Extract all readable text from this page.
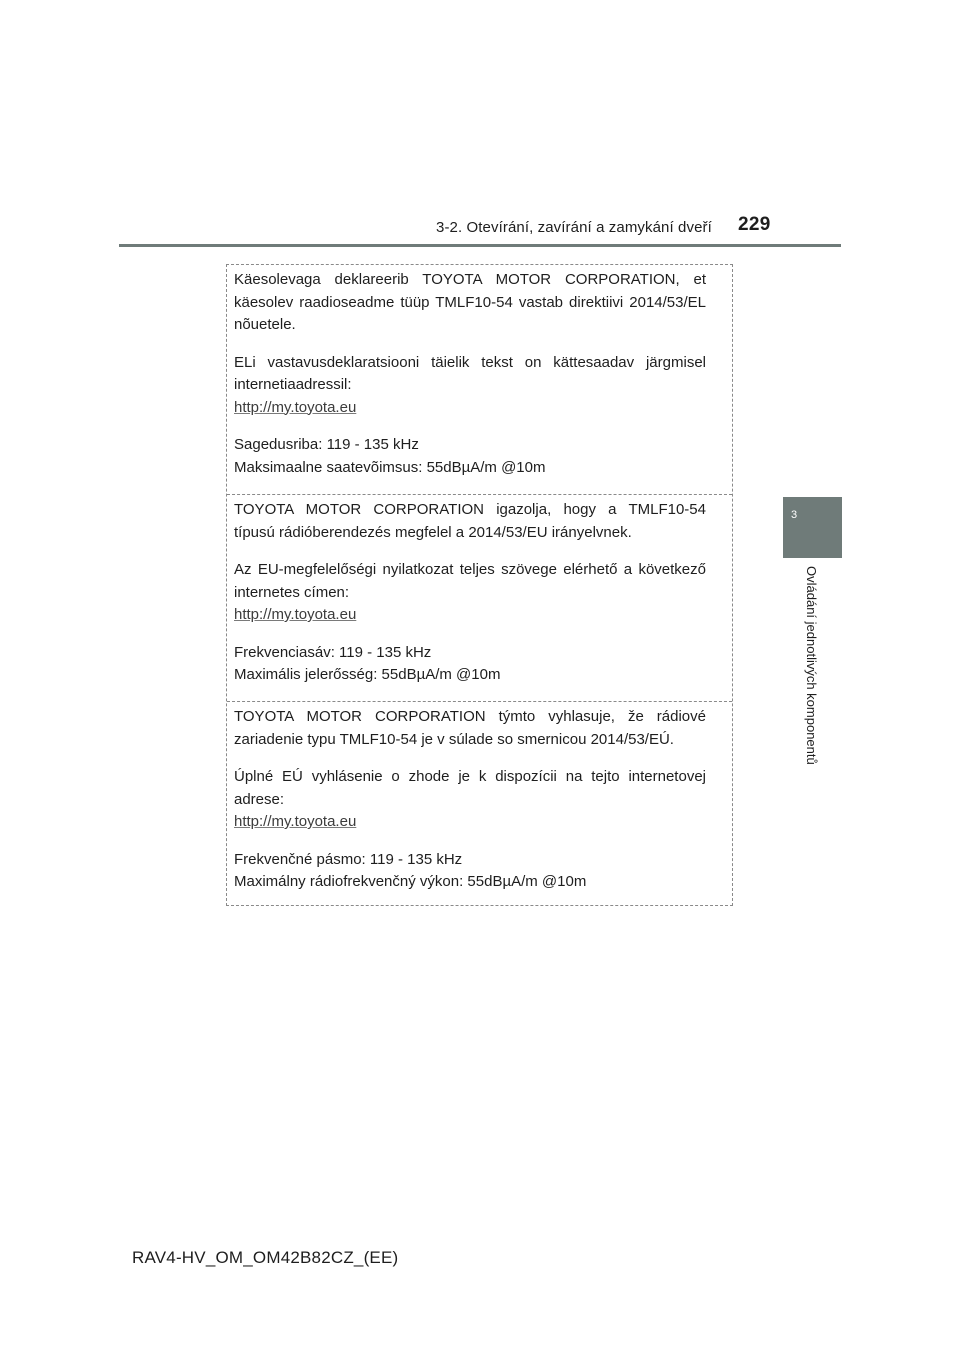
3-2. Otevírání, zavírání a zamykání dveří 229
3
Ovládání jednotlivých komponentů

Käesolevaga deklareerib TOYOTA MOTOR CORPORATION, et
käesolev raadioseadme tüüp TMLF10-54 vastab direktiivi 2014/53/EL
nõuetele.

ELi vastavusdeklaratsiooni täielik tekst on kättesaadav järgmisel
internetiaadressil:
http://my.toyota.eu

Sagedusriba: 119 - 135 kHz
Maksimaalne saatevõimsus: 55dBµA/m @10m

TOYOTA MOTOR CORPORATION igazolja, hogy a TMLF10-54
típusú rádióberendezés megfelel a 2014/53/EU irányelvnek.

Az EU-megfelelőségi nyilatkozat teljes szövege elérhető a következő
internetes címen:
http://my.toyota.eu

Frekvenciasáv: 119 - 135 kHz
Maximális jelerősség: 55dBµA/m @10m

TOYOTA MOTOR CORPORATION týmto vyhlasuje, že rádiové
zariadenie typu TMLF10-54 je v súlade so smernicou 2014/53/EÚ.

Úplné EÚ vyhlásenie o zhode je k dispozícii na tejto internetovej
adrese:
http://my.toyota.eu

Frekvenčné pásmo: 119 - 135 kHz
Maximálny rádiofrekvenčný výkon: 55dBµA/m @10m

RAV4-HV_OM_OM42B82CZ_(EE)
